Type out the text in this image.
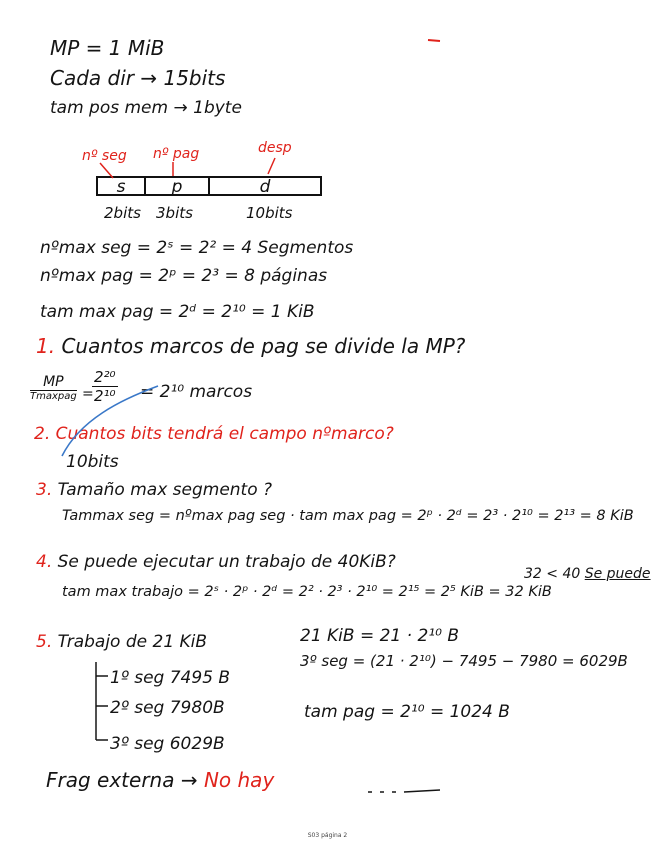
MP = 1 MiB
Cada dir → 15bits
tam pos mem → 1byte
nº seg nº pag	desp
s	p	d
2bits 3bits	10bits
nºmax seg = 2ˢ = 2² = 4 Segmentos
nºmax pag = 2ᵖ = 2³ = 8 páginas
tam max pag = 2ᵈ = 2¹⁰ = 1 KiB
1. Cuantos marcos de pag se divide la MP?
MP
Tmaxpag =
$\frac{\text{2²⁰}}{\text{2¹⁰}} = 2^{10}$ marcos
2. Cuantos bits tendrá el campo nºmarco?
10bits
3. Tamaño max segmento ?
Tammax seg = nºmax pag seg · tam max pag = 2ᵖ · 2ᵈ = 2³ · 2¹⁰ = 2¹³ = 8 KiB
4. Se puede ejecutar un trabajo de 40KiB?
tam max trabajo = 2ˢ · 2ᵖ · 2ᵈ = 2² · 2³ · 2¹⁰ = 2¹⁵ = 2⁵ KiB = 32 KiB
32 < 40 Se puede
5. Trabajo de 21 KiB
1º seg 7495 B
2º seg 7980B
3º seg 6029B
21 KiB = 21 · 2¹⁰ B
3º seg = (21 · 2¹⁰) − 7495 − 7980 = 6029B
tam pag = 2¹⁰ = 1024 B
Frag externa → No hay
S03 página 2
